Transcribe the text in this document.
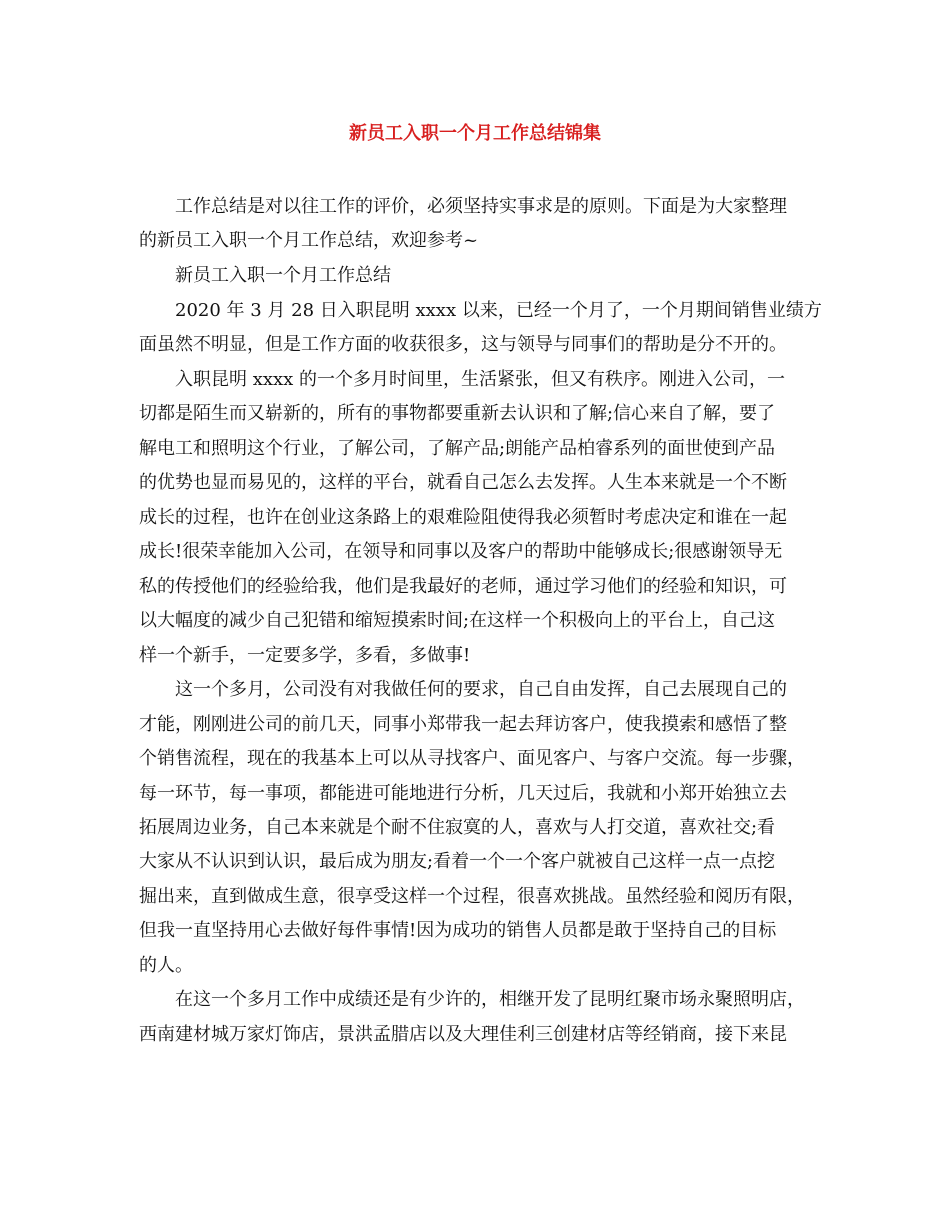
新员工入职一个月工作总结锦集
工作总结是对以往工作的评价，必须坚持实事求是的原则。下面是为大家整理
的新员工入职一个月工作总结，欢迎参考~
新员工入职一个月工作总结
2020 年 3 月 28 日入职昆明 xxxx 以来，已经一个月了，一个月期间销售业绩方
面虽然不明显，但是工作方面的收获很多，这与领导与同事们的帮助是分不开的。
入职昆明 xxxx 的一个多月时间里，生活紧张，但又有秩序。刚进入公司，一
切都是陌生而又崭新的，所有的事物都要重新去认识和了解;信心来自了解，要了
解电工和照明这个行业，了解公司，了解产品;朗能产品柏睿系列的面世使到产品
的优势也显而易见的，这样的平台，就看自己怎么去发挥。人生本来就是一个不断
成长的过程，也许在创业这条路上的艰难险阻使得我必须暂时考虑决定和谁在一起
成长!很荣幸能加入公司，在领导和同事以及客户的帮助中能够成长;很感谢领导无
私的传授他们的经验给我，他们是我最好的老师，通过学习他们的经验和知识，可
以大幅度的减少自己犯错和缩短摸索时间;在这样一个积极向上的平台上，自己这
样一个新手，一定要多学，多看，多做事!
这一个多月，公司没有对我做任何的要求，自己自由发挥，自己去展现自己的
才能，刚刚进公司的前几天，同事小郑带我一起去拜访客户，使我摸索和感悟了整
个销售流程，现在的我基本上可以从寻找客户、面见客户、与客户交流。每一步骤，
每一环节，每一事项，都能进可能地进行分析，几天过后，我就和小郑开始独立去
拓展周边业务，自己本来就是个耐不住寂寞的人，喜欢与人打交道，喜欢社交;看
大家从不认识到认识，最后成为朋友;看着一个一个客户就被自己这样一点一点挖
掘出来，直到做成生意，很享受这样一个过程，很喜欢挑战。虽然经验和阅历有限，
但我一直坚持用心去做好每件事情!因为成功的销售人员都是敢于坚持自己的目标
的人。
在这一个多月工作中成绩还是有少许的，相继开发了昆明红聚市场永聚照明店，
西南建材城万家灯饰店，景洪孟腊店以及大理佳利三创建材店等经销商，接下来昆
